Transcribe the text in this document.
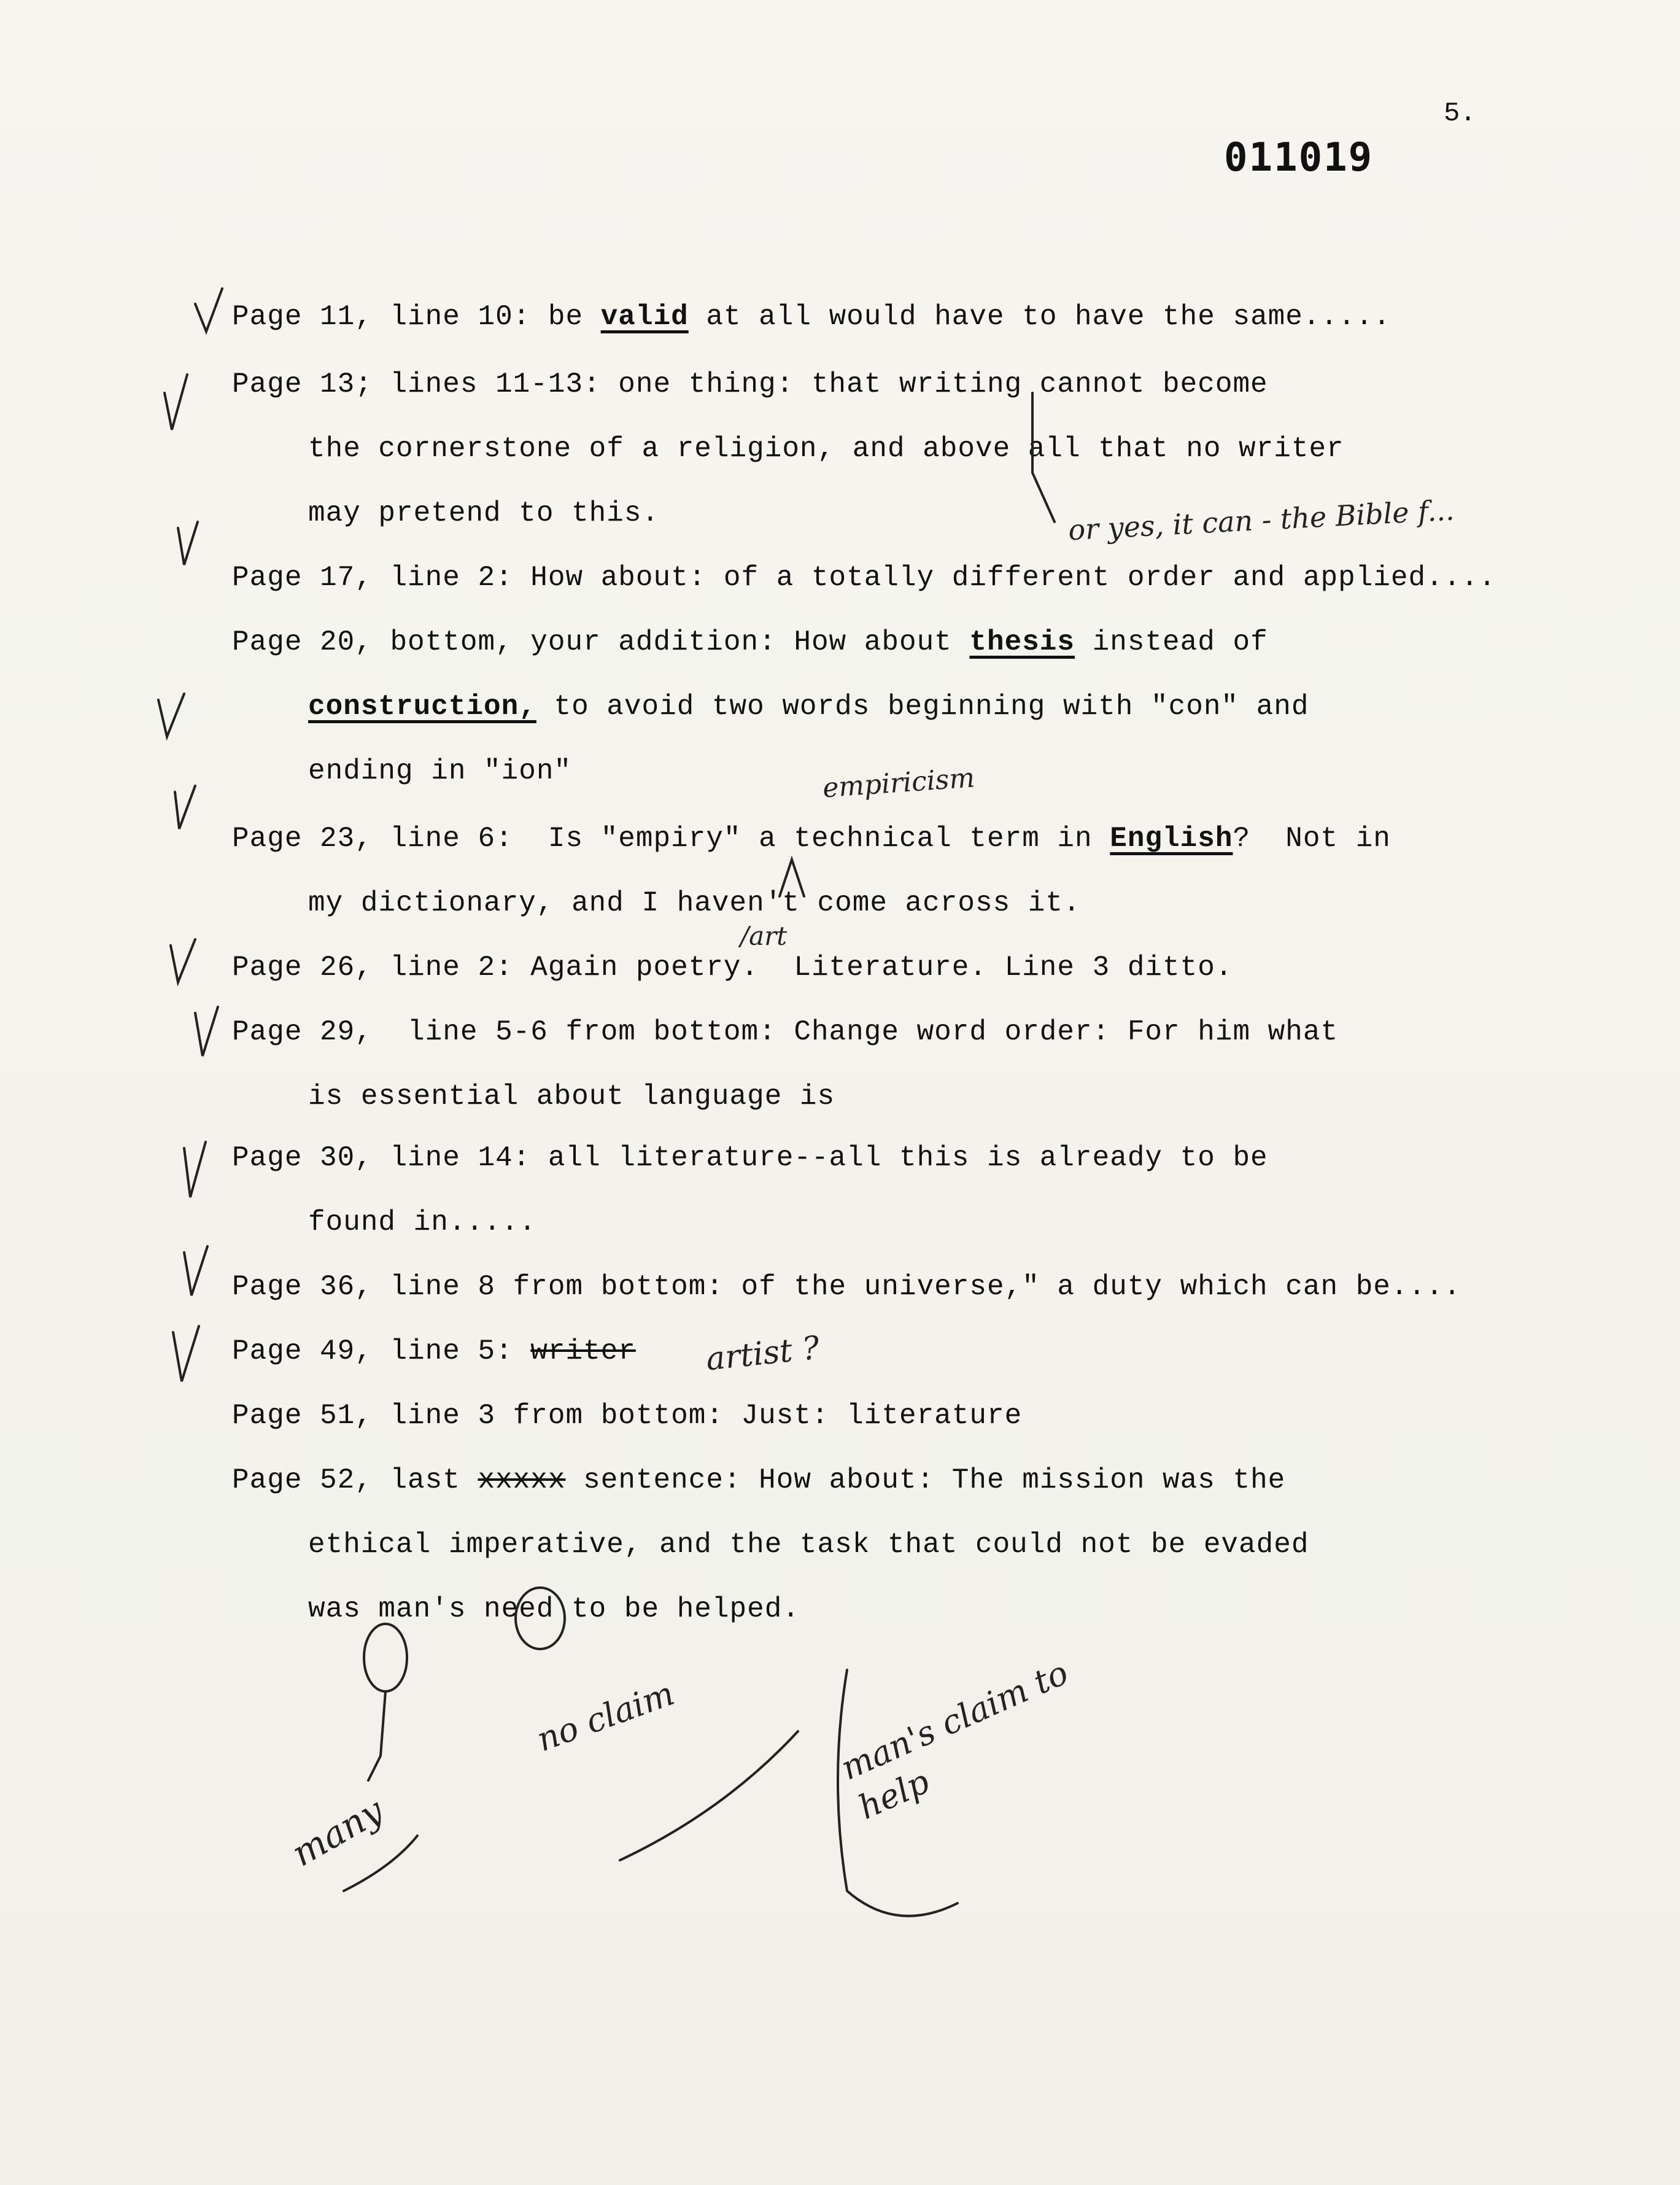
5.
011019
Page 11, line 10: be valid at all would have to have the same.....
Page 13; lines 11-13: one thing: that writing cannot become
the cornerstone of a religion, and above all that no writer
may pretend to this.
Page 17, line 2: How about: of a totally different order and applied....
Page 20, bottom, your addition: How about thesis instead of
construction, to avoid two words beginning with "con" and
ending in "ion"
Page 23, line 6:  Is "empiry" a technical term in English?  Not in
my dictionary, and I haven't come across it.
Page 26, line 2: Again poetry.  Literature. Line 3 ditto.
Page 29,  line 5-6 from bottom: Change word order: For him what
is essential about language is
Page 30, line 14: all literature--all this is already to be
found in.....
Page 36, line 8 from bottom: of the universe," a duty which can be....
Page 49, line 5: writer
Page 51, line 3 from bottom: Just: literature
Page 52, last xxxxx sentence: How about: The mission was the
ethical imperative, and the task that could not be evaded
was man's need to be helped.
or yes, it can - the Bible f...
empiricism
/art
artist ?
many
no claim	man's claim to help
